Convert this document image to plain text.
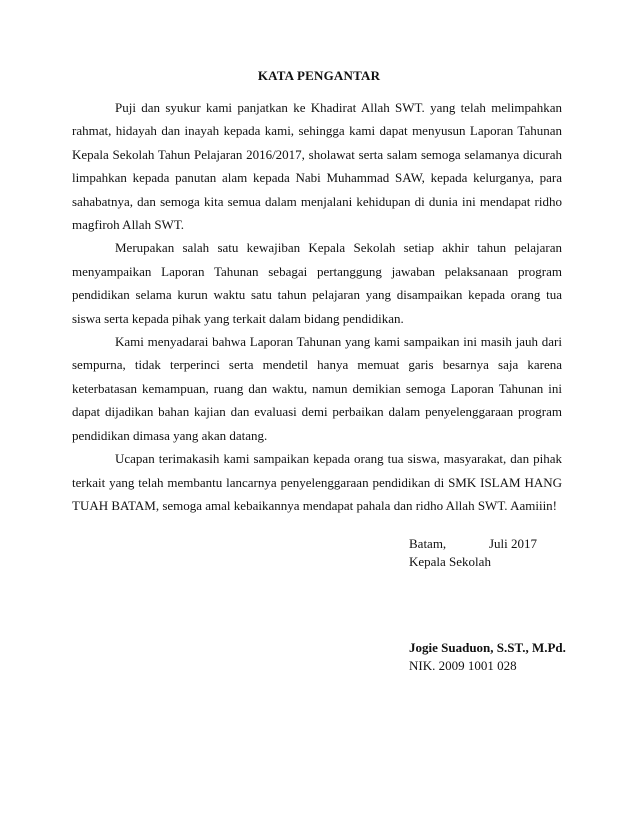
KATA PENGANTAR

Puji dan syukur kami panjatkan ke Khadirat Allah SWT. yang telah melimpahkan rahmat, hidayah dan inayah kepada kami, sehingga kami dapat menyusun Laporan Tahunan Kepala Sekolah Tahun Pelajaran 2016/2017, sholawat serta salam semoga selamanya dicurah limpahkan kepada panutan alam kepada Nabi Muhammad SAW, kepada kelurganya, para sahabatnya, dan semoga kita semua dalam menjalani kehidupan di dunia ini mendapat ridho magfiroh Allah SWT.

Merupakan salah satu kewajiban Kepala Sekolah setiap akhir tahun pelajaran menyampaikan Laporan Tahunan sebagai pertanggung jawaban pelaksanaan program pendidikan selama kurun waktu satu tahun pelajaran yang disampaikan kepada orang tua siswa serta kepada pihak yang terkait dalam bidang pendidikan.

Kami menyadarai bahwa Laporan Tahunan yang kami sampaikan ini masih jauh dari sempurna, tidak terperinci serta mendetil hanya memuat garis besarnya saja karena keterbatasan kemampuan, ruang dan waktu, namun demikian semoga Laporan Tahunan ini dapat dijadikan bahan kajian dan evaluasi demi perbaikan dalam penyelenggaraan program pendidikan dimasa yang akan datang.

Ucapan terimakasih kami sampaikan kepada orang tua siswa, masyarakat, dan pihak terkait yang telah membantu lancarnya penyelenggaraan pendidikan di SMK ISLAM HANG TUAH BATAM, semoga amal kebaikannya mendapat pahala dan ridho Allah SWT. Aamiiin!

Batam,	Juli 2017
Kepala Sekolah
Jogie Suaduon, S.ST., M.Pd.
NIK. 2009 1001 028
